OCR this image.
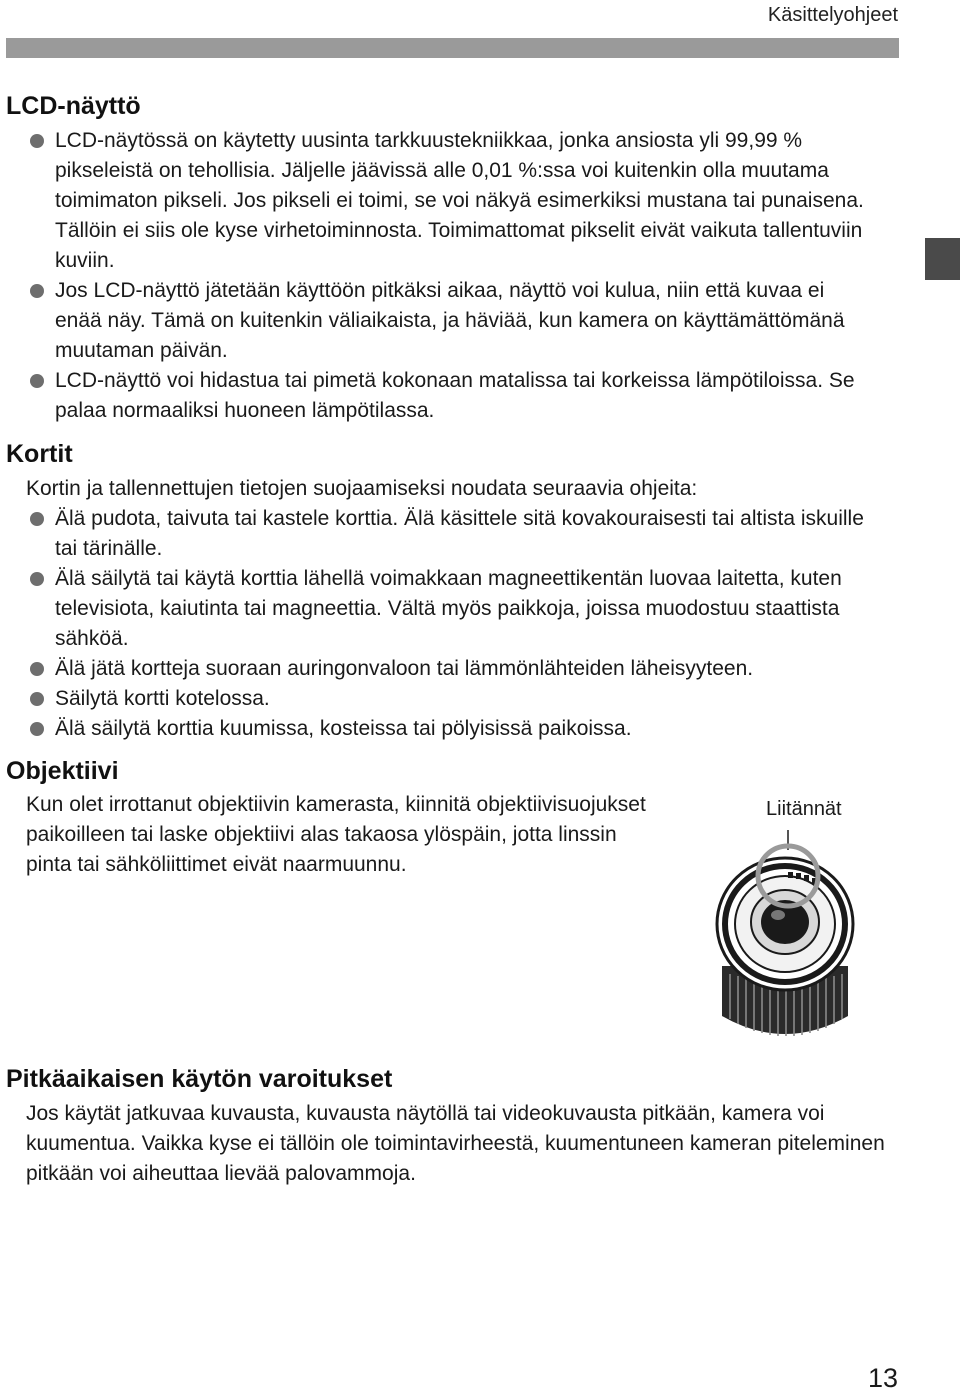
Käsittelyohjeet
LCD-näyttö
LCD-näytössä on käytetty uusinta tarkkuustekniikkaa, jonka ansiosta yli 99,99 % pikseleistä on tehollisia. Jäljelle jäävissä alle 0,01 %:ssa voi kuitenkin olla muutama toimimaton pikseli. Jos pikseli ei toimi, se voi näkyä esimerkiksi mustana tai punaisena. Tällöin ei siis ole kyse virhetoiminnosta. Toimimattomat pikselit eivät vaikuta tallentuviin kuviin.
Jos LCD-näyttö jätetään käyttöön pitkäksi aikaa, näyttö voi kulua, niin että kuvaa ei enää näy. Tämä on kuitenkin väliaikaista, ja häviää, kun kamera on käyttämättömänä muutaman päivän.
LCD-näyttö voi hidastua tai pimetä kokonaan matalissa tai korkeissa lämpötiloissa. Se palaa normaaliksi huoneen lämpötilassa.
Kortit
Kortin ja tallennettujen tietojen suojaamiseksi noudata seuraavia ohjeita:
Älä pudota, taivuta tai kastele korttia. Älä käsittele sitä kovakouraisesti tai altista iskuille tai tärinälle.
Älä säilytä tai käytä korttia lähellä voimakkaan magneettikentän luovaa laitetta, kuten televisiota, kaiutinta tai magneettia. Vältä myös paikkoja, joissa muodostuu staattista sähköä.
Älä jätä kortteja suoraan auringonvaloon tai lämmönlähteiden läheisyyteen.
Säilytä kortti kotelossa.
Älä säilytä korttia kuumissa, kosteissa tai pölyisissä paikoissa.
Objektiivi
Kun olet irrottanut objektiivin kamerasta, kiinnitä objektiivisuojukset paikoilleen tai laske objektiivi alas takaosa ylöspäin, jotta linssin pinta tai sähköliittimet eivät naarmuunnu.
Liitännät
Pitkäaikaisen käytön varoitukset
Jos käytät jatkuvaa kuvausta, kuvausta näytöllä tai videokuvausta pitkään, kamera voi kuumentua. Vaikka kyse ei tällöin ole toimintavirheestä, kuumentuneen kameran piteleminen pitkään voi aiheuttaa lievää palovammoja.
13
